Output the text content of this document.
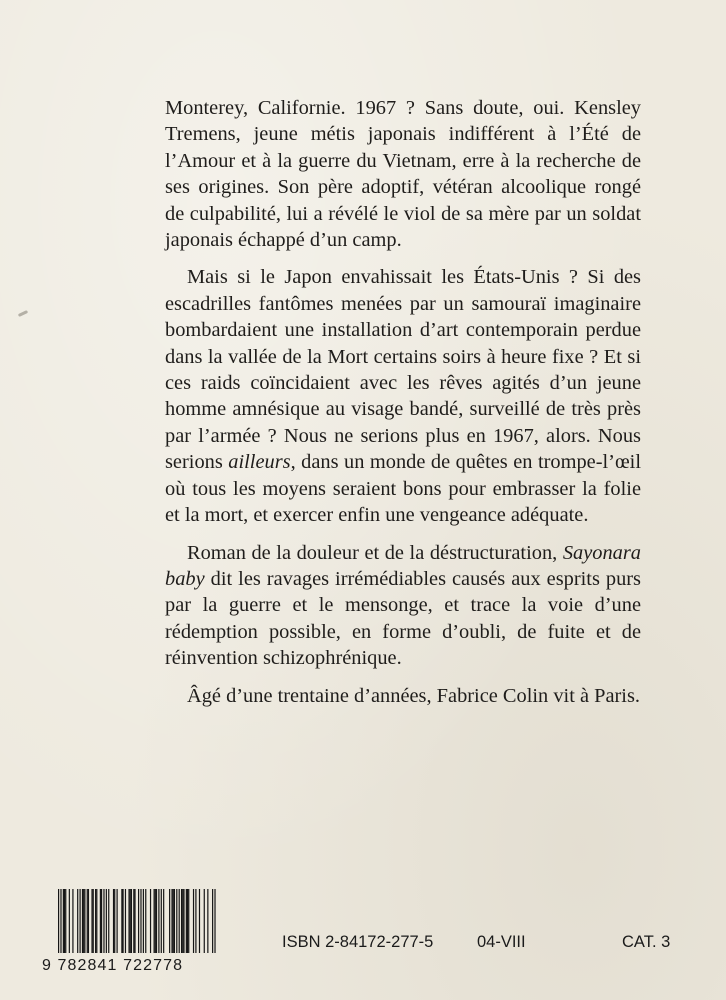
Monterey, Californie. 1967 ? Sans doute, oui. Kensley Tremens, jeune métis japonais indifférent à l’Été de l’Amour et à la guerre du Vietnam, erre à la recherche de ses origines. Son père adoptif, vétéran alcoolique rongé de culpabilité, lui a révélé le viol de sa mère par un soldat japonais échappé d’un camp.

Mais si le Japon envahissait les États-Unis ? Si des escadrilles fantômes menées par un samouraï imaginaire bombardaient une installation d’art contemporain perdue dans la vallée de la Mort certains soirs à heure fixe ? Et si ces raids coïncidaient avec les rêves agités d’un jeune homme amnésique au visage bandé, surveillé de très près par l’armée ? Nous ne serions plus en 1967, alors. Nous serions ailleurs, dans un monde de quêtes en trompe-l’œil où tous les moyens seraient bons pour embrasser la folie et la mort, et exercer enfin une vengeance adéquate.

Roman de la douleur et de la déstructuration, Sayonara baby dit les ravages irrémédiables causés aux esprits purs par la guerre et le mensonge, et trace la voie d’une rédemption possible, en forme d’oubli, de fuite et de réinvention schizophrénique.

Âgé d’une trentaine d’années, Fabrice Colin vit à Paris.

9 782841 722778
ISBN 2-84172-277-5	04-VIII	CAT. 3
